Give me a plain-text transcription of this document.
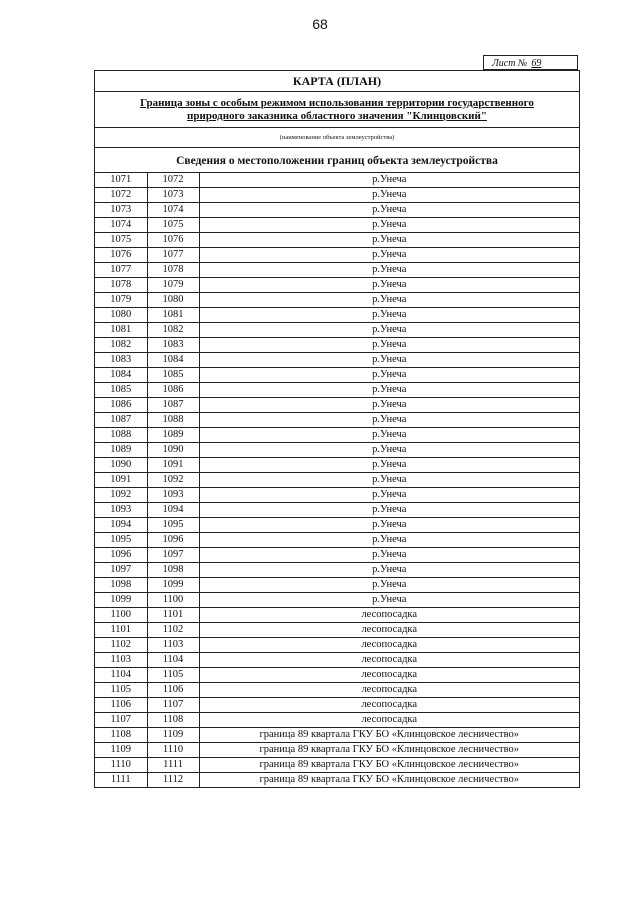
68
Лист № 69
КАРТА (ПЛАН)
Граница зоны с особым режимом использования территории государственного
природного заказника областного значения "Клинцовский"
(наименование объекта землеустройства)
Сведения о местоположении границ объекта землеустройства
1071	1072	р.Унеча
1072	1073	р.Унеча
1073	1074	р.Унеча
1074	1075	р.Унеча
1075	1076	р.Унеча
1076	1077	р.Унеча
1077	1078	р.Унеча
1078	1079	р.Унеча
1079	1080	р.Унеча
1080	1081	р.Унеча
1081	1082	р.Унеча
1082	1083	р.Унеча
1083	1084	р.Унеча
1084	1085	р.Унеча
1085	1086	р.Унеча
1086	1087	р.Унеча
1087	1088	р.Унеча
1088	1089	р.Унеча
1089	1090	р.Унеча
1090	1091	р.Унеча
1091	1092	р.Унеча
1092	1093	р.Унеча
1093	1094	р.Унеча
1094	1095	р.Унеча
1095	1096	р.Унеча
1096	1097	р.Унеча
1097	1098	р.Унеча
1098	1099	р.Унеча
1099	1100	р.Унеча
1100	1101	лесопосадка
1101	1102	лесопосадка
1102	1103	лесопосадка
1103	1104	лесопосадка
1104	1105	лесопосадка
1105	1106	лесопосадка
1106	1107	лесопосадка
1107	1108	лесопосадка
1108	1109	граница 89 квартала ГКУ БО «Клинцовское лесничество»
1109	1110	граница 89 квартала ГКУ БО «Клинцовское лесничество»
1110	1111	граница 89 квартала ГКУ БО «Клинцовское лесничество»
1111	1112	граница 89 квартала ГКУ БО «Клинцовское лесничество»
